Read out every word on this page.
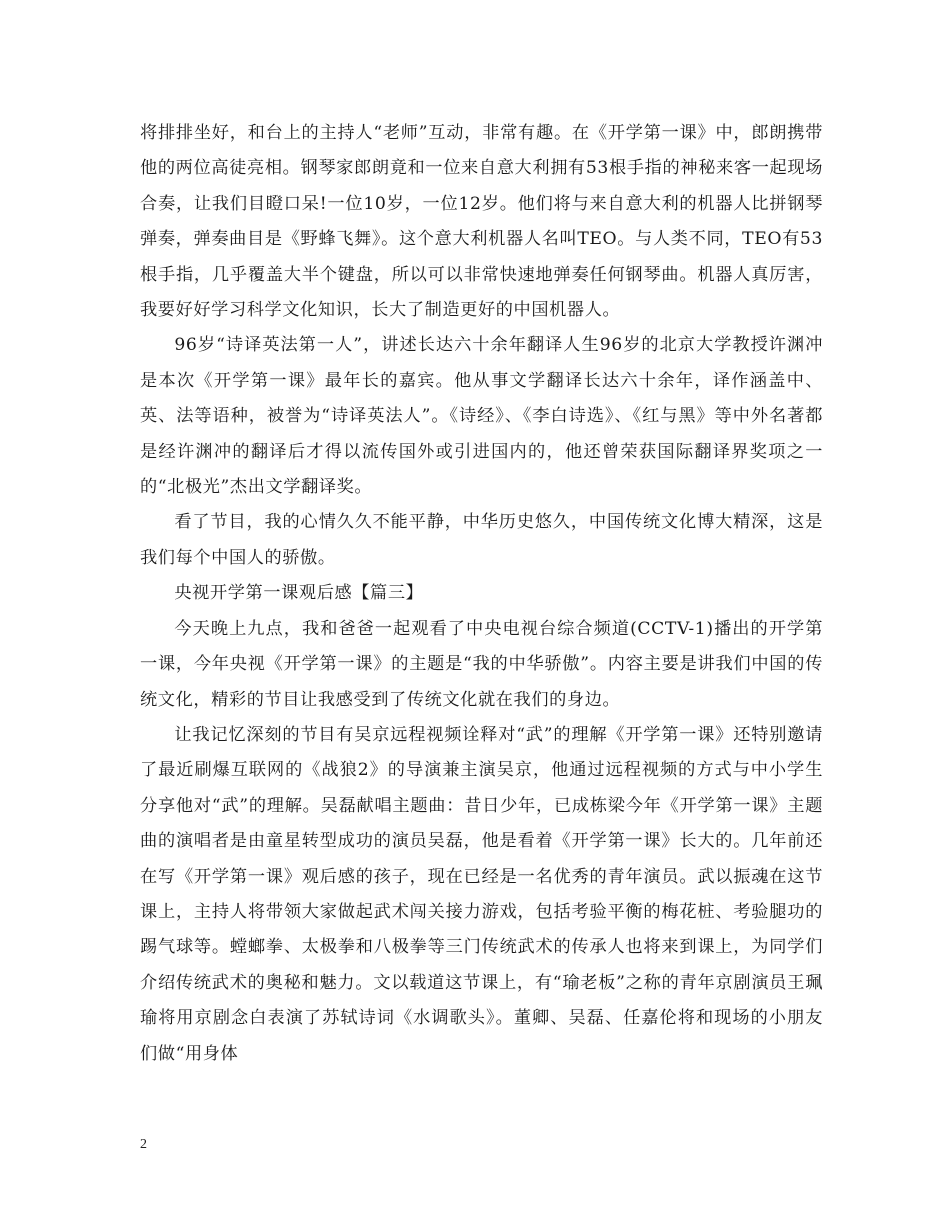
将排排坐好，和台上的主持人“老师”互动，非常有趣。在《开学第一课》中，郎朗携带他的两位高徒亮相。钢琴家郎朗竟和一位来自意大利拥有53根手指的神秘来客一起现场合奏，让我们目瞪口呆!一位10岁，一位12岁。他们将与来自意大利的机器人比拼钢琴弹奏，弹奏曲目是《野蜂飞舞》。这个意大利机器人名叫TEO。与人类不同，TEO有53根手指，几乎覆盖大半个键盘，所以可以非常快速地弹奏任何钢琴曲。机器人真厉害，我要好好学习科学文化知识，长大了制造更好的中国机器人。

96岁“诗译英法第一人”，讲述长达六十余年翻译人生96岁的北京大学教授许渊冲是本次《开学第一课》最年长的嘉宾。他从事文学翻译长达六十余年，译作涵盖中、英、法等语种，被誉为“诗译英法人”。《诗经》、《李白诗选》、《红与黑》等中外名著都是经许渊冲的翻译后才得以流传国外或引进国内的，他还曾荣获国际翻译界奖项之一的“北极光”杰出文学翻译奖。

看了节目，我的心情久久不能平静，中华历史悠久，中国传统文化博大精深，这是我们每个中国人的骄傲。

央视开学第一课观后感【篇三】

今天晚上九点，我和爸爸一起观看了中央电视台综合频道(CCTV-1)播出的开学第一课，今年央视《开学第一课》的主题是“我的中华骄傲”。内容主要是讲我们中国的传统文化，精彩的节目让我感受到了传统文化就在我们的身边。

让我记忆深刻的节目有吴京远程视频诠释对“武”的理解《开学第一课》还特别邀请了最近刷爆互联网的《战狼2》的导演兼主演吴京，他通过远程视频的方式与中小学生分享他对“武”的理解。吴磊献唱主题曲：昔日少年，已成栋梁今年《开学第一课》主题曲的演唱者是由童星转型成功的演员吴磊，他是看着《开学第一课》长大的。几年前还在写《开学第一课》观后感的孩子，现在已经是一名优秀的青年演员。武以振魂在这节课上，主持人将带领大家做起武术闯关接力游戏，包括考验平衡的梅花桩、考验腿功的踢气球等。螳螂拳、太极拳和八极拳等三门传统武术的传承人也将来到课上，为同学们介绍传统武术的奥秘和魅力。文以载道这节课上，有“瑜老板”之称的青年京剧演员王珮瑜将用京剧念白表演了苏轼诗词《水调歌头》。董卿、吴磊、任嘉伦将和现场的小朋友们做“用身体

2
